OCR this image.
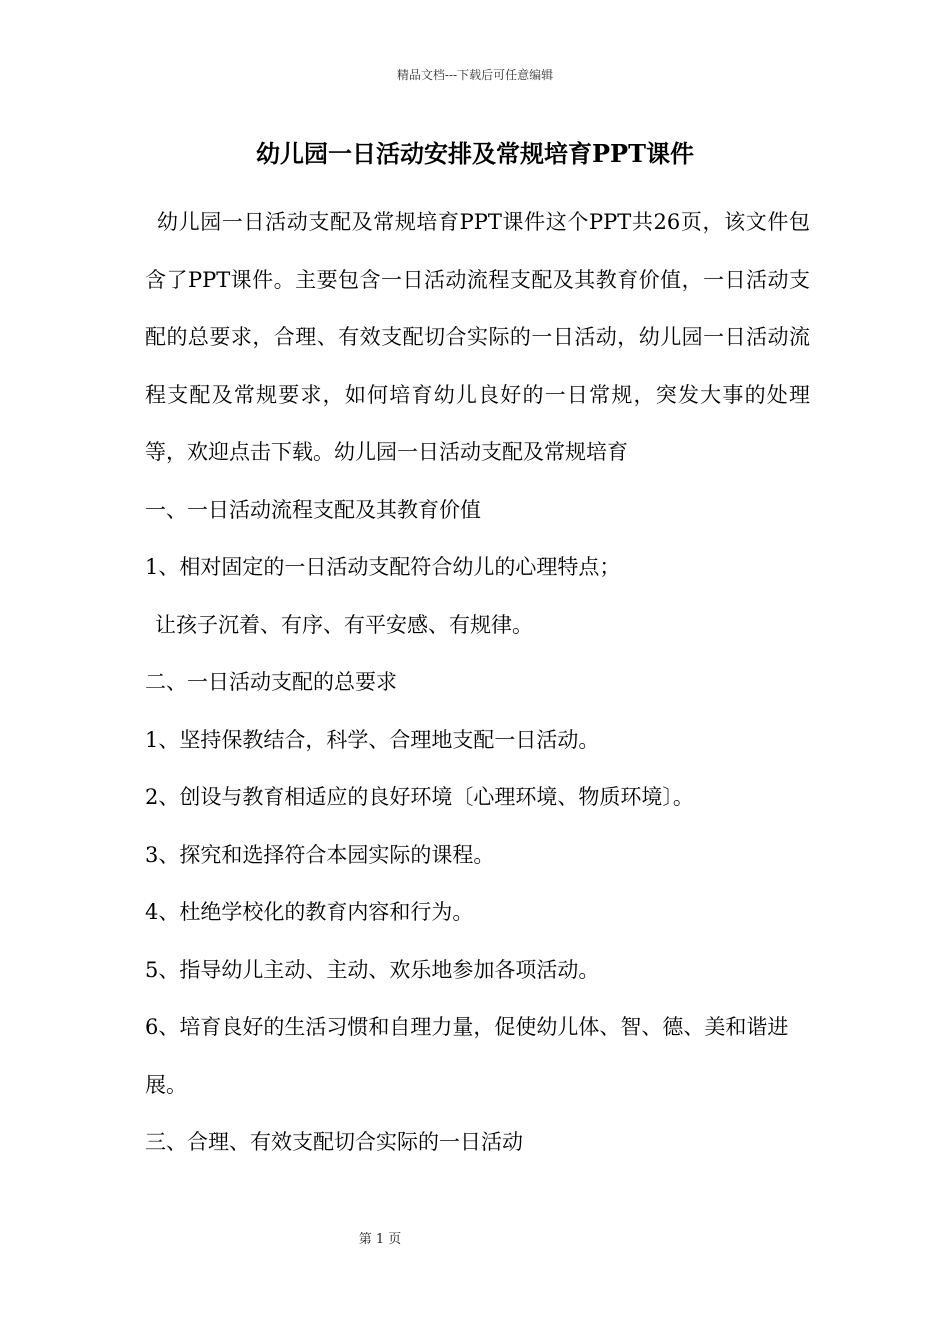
精品文档---下载后可任意编辑
幼儿园一日活动安排及常规培育PPT课件

幼儿园一日活动支配及常规培育PPT课件这个PPT共26页，该文件包含了PPT课件。主要包含一日活动流程支配及其教育价值，一日活动支配的总要求，合理、有效支配切合实际的一日活动，幼儿园一日活动流程支配及常规要求，如何培育幼儿良好的一日常规，突发大事的处理等，欢迎点击下载。幼儿园一日活动支配及常规培育

一、一日活动流程支配及其教育价值

1、相对固定的一日活动支配符合幼儿的心理特点；

让孩子沉着、有序、有平安感、有规律。

二、一日活动支配的总要求

1、坚持保教结合，科学、合理地支配一日活动。

2、创设与教育相适应的良好环境〔心理环境、物质环境〕。

3、探究和选择符合本园实际的课程。

4、杜绝学校化的教育内容和行为。

5、指导幼儿主动、主动、欢乐地参加各项活动。

6、培育良好的生活习惯和自理力量，促使幼儿体、智、德、美和谐进展。

三、合理、有效支配切合实际的一日活动

第 1 页
